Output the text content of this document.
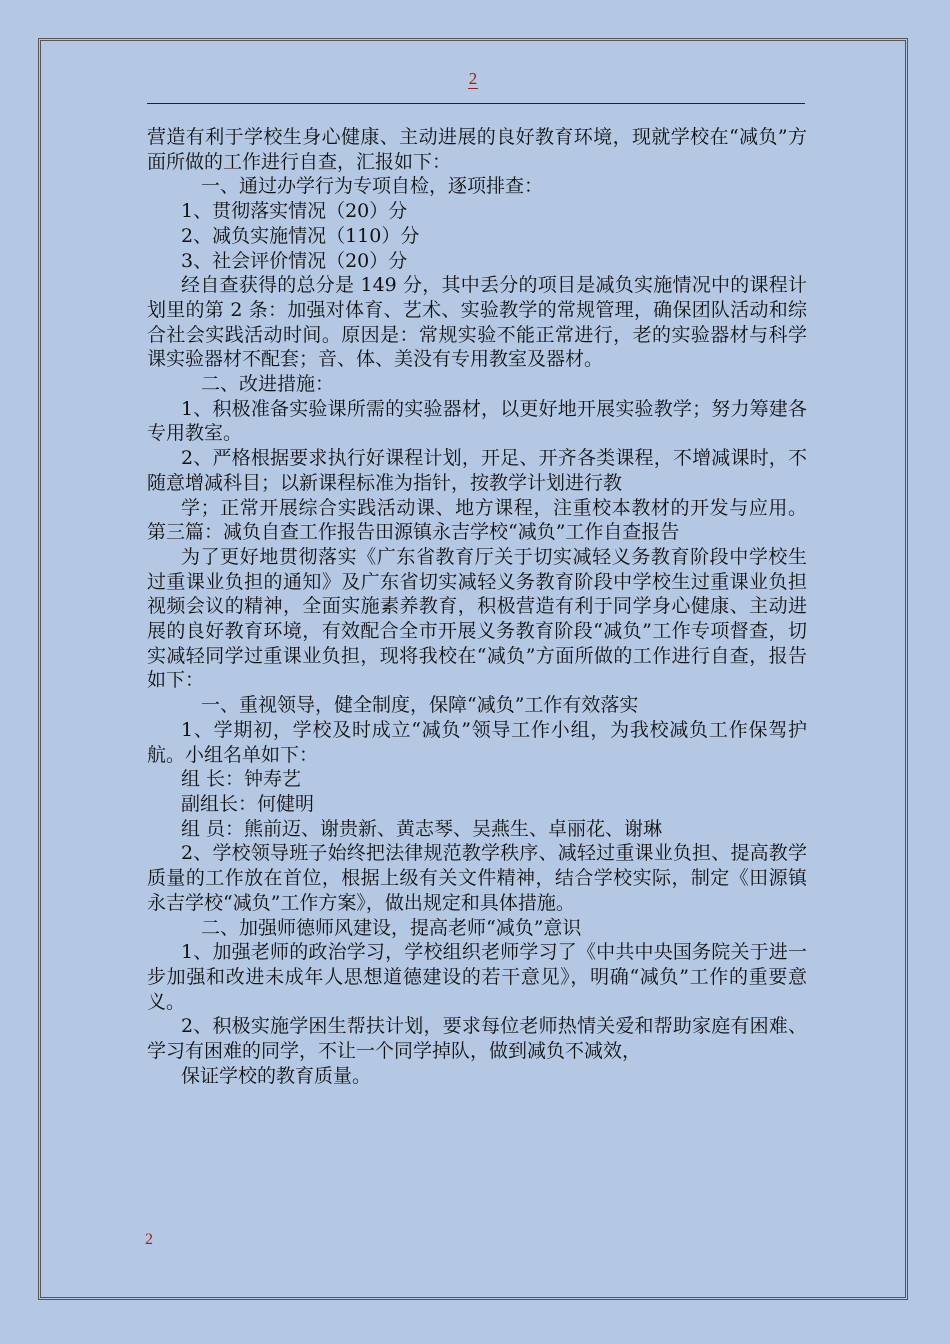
2

营造有利于学校生身心健康、主动进展的良好教育环境，现就学校在“减负”方面所做的工作进行自查，汇报如下：

一、通过办学行为专项自检，逐项排查：

1、贯彻落实情况（20）分

2、减负实施情况（110）分

3、社会评价情况（20）分

经自查获得的总分是 149 分，其中丢分的项目是减负实施情况中的课程计划里的第 2 条：加强对体育、艺术、实验教学的常规管理，确保团队活动和综合社会实践活动时间。原因是：常规实验不能正常进行，老的实验器材与科学课实验器材不配套；音、体、美没有专用教室及器材。

二、改进措施：

1、积极准备实验课所需的实验器材，以更好地开展实验教学；努力筹建各专用教室。

2、严格根据要求执行好课程计划，开足、开齐各类课程，不增减课时，不随意增减科目；以新课程标准为指针，按教学计划进行教

学；正常开展综合实践活动课、地方课程，注重校本教材的开发与应用。第三篇：减负自查工作报告田源镇永吉学校“减负”工作自查报告

为了更好地贯彻落实《广东省教育厅关于切实减轻义务教育阶段中学校生过重课业负担的通知》及广东省切实减轻义务教育阶段中学校生过重课业负担视频会议的精神，全面实施素养教育，积极营造有利于同学身心健康、主动进展的良好教育环境，有效配合全市开展义务教育阶段“减负”工作专项督查，切实减轻同学过重课业负担，现将我校在“减负”方面所做的工作进行自查，报告如下：

一、重视领导，健全制度，保障“减负”工作有效落实

1、学期初，学校及时成立“减负”领导工作小组，为我校减负工作保驾护航。小组名单如下：

组 长：钟寿艺

副组长：何健明

组 员：熊前迈、谢贵新、黄志琴、吴燕生、卓丽花、谢琳

2、学校领导班子始终把法律规范教学秩序、减轻过重课业负担、提高教学质量的工作放在首位，根据上级有关文件精神，结合学校实际，制定《田源镇永吉学校“减负”工作方案》，做出规定和具体措施。

二、加强师德师风建设，提高老师“减负”意识

1、加强老师的政治学习，学校组织老师学习了《中共中央国务院关于进一步加强和改进未成年人思想道德建设的若干意见》，明确“减负”工作的重要意义。

2、积极实施学困生帮扶计划，要求每位老师热情关爱和帮助家庭有困难、学习有困难的同学，不让一个同学掉队，做到减负不减效，

保证学校的教育质量。

2
